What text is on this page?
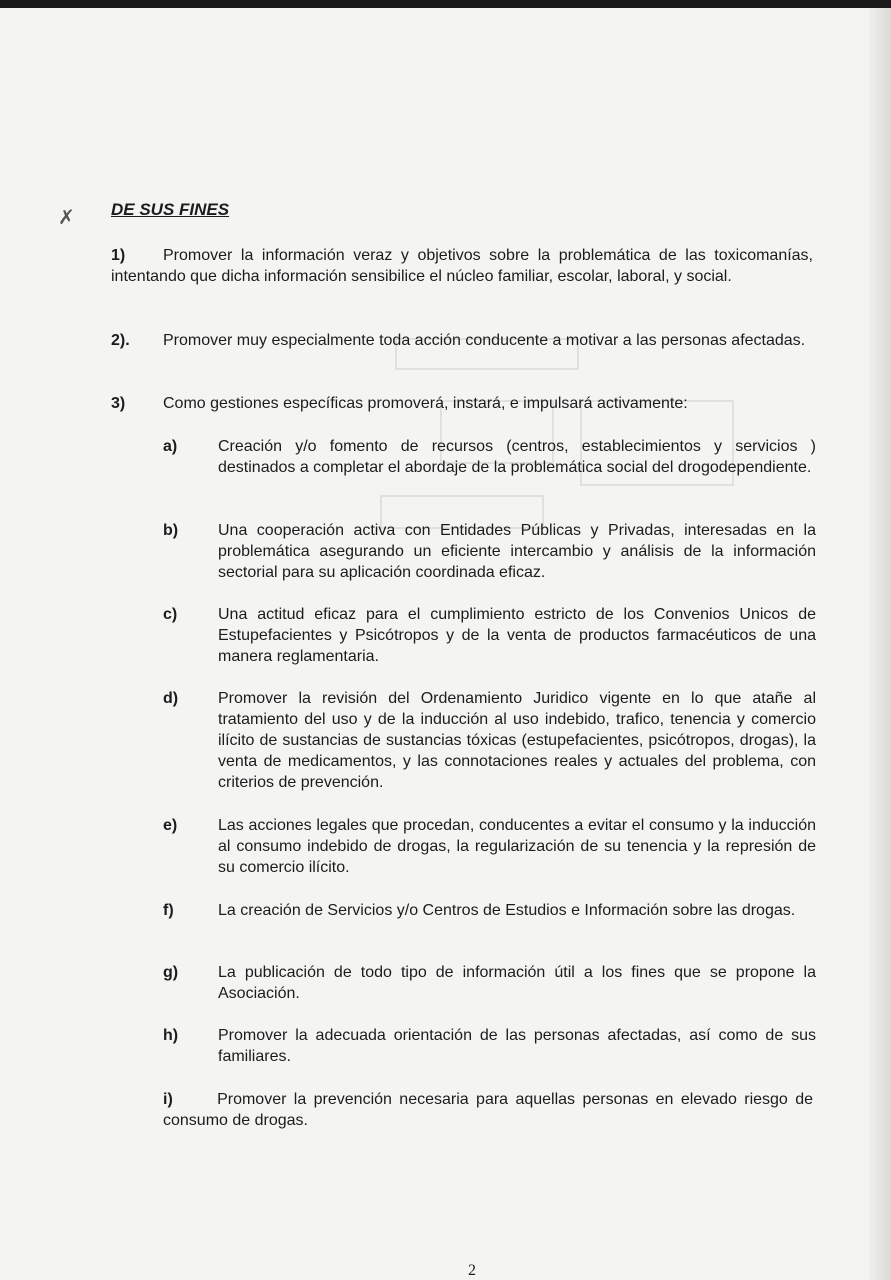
✗ DE SUS FINES
1) Promover la información veraz y objetivos sobre la problemática de las toxicomanías, intentando que dicha información sensibilice el núcleo familiar, escolar, laboral, y social.
2). Promover muy especialmente toda acción conducente a motivar a las personas afectadas.
3) Como gestiones específicas promoverá, instará, e impulsará activamente:
a)	Creación y/o fomento de recursos (centros, establecimientos y servicios ) destinados a completar el abordaje de la problemática social del drogodependiente.
b) Una cooperación activa con Entidades Públicas y Privadas, interesadas en la problemática asegurando un eficiente intercambio y análisis de la información sectorial para su aplicación coordinada eficaz.
c)	Una actitud eficaz para el cumplimiento estricto de los Convenios Unicos de Estupefacientes y Psicótropos y de la venta de productos farmacéuticos de una manera reglamentaria.
d) Promover la revisión del Ordenamiento Juridico vigente en lo que atañe al tratamiento del uso y de la inducción al uso indebido, trafico, tenencia y comercio ilícito de sustancias de sustancias tóxicas (estupefacientes, psicótropos, drogas), la venta de medicamentos, y las connotaciones reales y actuales del problema, con criterios de prevención.
e)	Las acciones legales que procedan, conducentes a evitar el consumo y la inducción al consumo indebido de drogas, la regularización de su tenencia y la represión de su comercio ilícito.
f)	La creación de Servicios y/o Centros de Estudios e Información sobre las drogas.
g) La publicación de todo tipo de información útil a los fines que se propone la Asociación.
h) Promover la adecuada orientación de las personas afectadas, así como de sus familiares.
i)	Promover la prevención necesaria para aquellas personas en elevado riesgo de consumo de drogas.
2
